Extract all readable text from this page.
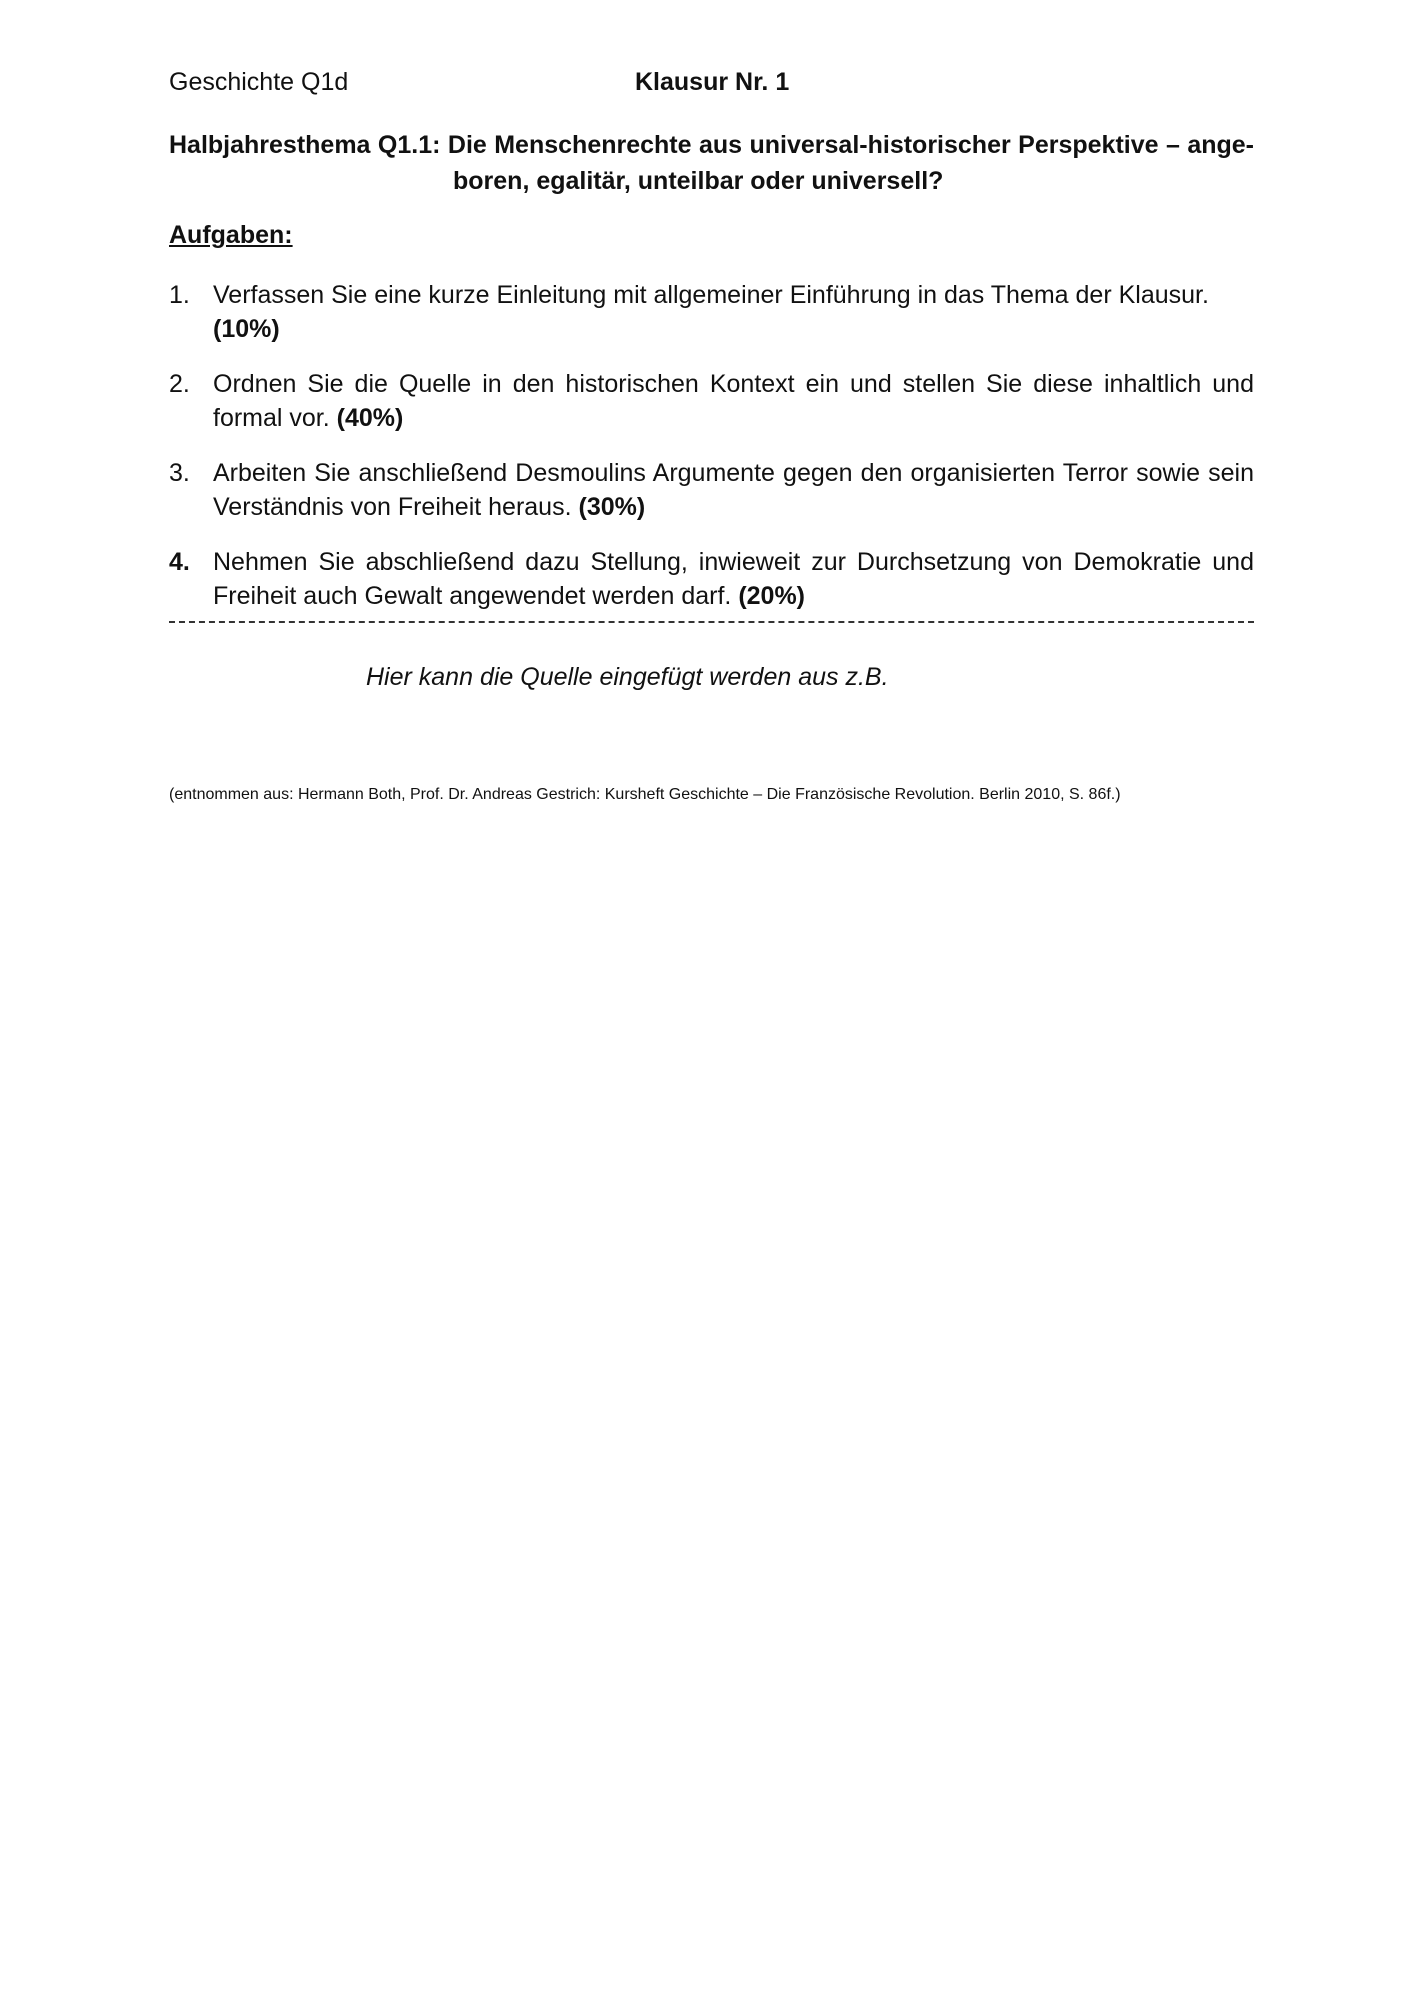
Geschichte Q1d	Klausur Nr. 1
Halbjahresthema Q1.1: Die Menschenrechte aus universal-historischer Perspektive – ange-
boren, egalitär, unteilbar oder universell?
Aufgaben:
1. Verfassen Sie eine kurze Einleitung mit allgemeiner Einführung in das Thema der Klausur.
(10%)
2. Ordnen Sie die Quelle in den historischen Kontext ein und stellen Sie diese inhaltlich und formal vor. (40%)
3. Arbeiten Sie anschließend Desmoulins Argumente gegen den organisierten Terror sowie sein Verständnis von Freiheit heraus. (30%)
4. Nehmen Sie abschließend dazu Stellung, inwieweit zur Durchsetzung von Demokratie und Freiheit auch Gewalt angewendet werden darf. (20%)
Hier kann die Quelle eingefügt werden aus z.B.
(entnommen aus: Hermann Both, Prof. Dr. Andreas Gestrich: Kursheft Geschichte – Die Französische Revolution. Berlin 2010, S. 86f.)
